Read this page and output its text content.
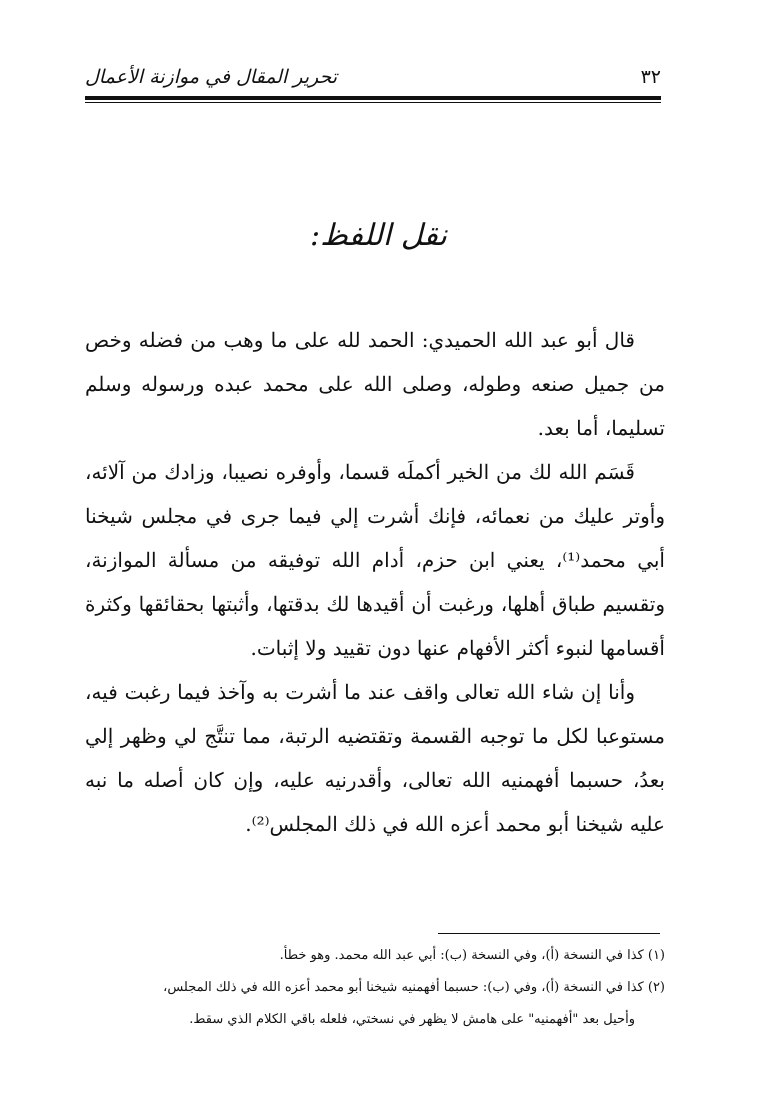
تحرير المقال في موازنة الأعمال	٣٢
نقل اللفظ:

قال أبو عبد الله الحميدي: الحمد لله على ما وهب من فضله وخص من جميل صنعه وطوله، وصلى الله على محمد عبده ورسوله وسلم تسليما، أما بعد.

قَسَم الله لك من الخير أكملَه قسما، وأوفره نصيبا، وزادك من آلائه، وأوتر عليك من نعمائه، فإنك أشرت إلي فيما جرى في مجلس شيخنا أبي محمد⁽¹⁾، يعني ابن حزم، أدام الله توفيقه من مسألة الموازنة، وتقسيم طباق أهلها، ورغبت أن أقيدها لك بدقتها، وأثبتها بحقائقها وكثرة أقسامها لنبوء أكثر الأفهام عنها دون تقييد ولا إثبات.

وأنا إن شاء الله تعالى واقف عند ما أشرت به وآخذ فيما رغبت فيه، مستوعبا لكل ما توجبه القسمة وتقتضيه الرتبة، مما تنتَّج لي وظهر إلي بعدُ، حسبما أفهمنيه الله تعالى، وأقدرنيه عليه، وإن كان أصله ما نبه عليه شيخنا أبو محمد أعزه الله في ذلك المجلس⁽²⁾.

(١) كذا في النسخة (أ)، وفي النسخة (ب): أبي عبد الله محمد. وهو خطأ.

(٢) كذا في النسخة (أ)، وفي (ب): حسبما أفهمنيه شيخنا أبو محمد أعزه الله في ذلك المجلس،

وأحيل بعد "أفهمنيه" على هامش لا يظهر في نسختي، فلعله باقي الكلام الذي سقط.
